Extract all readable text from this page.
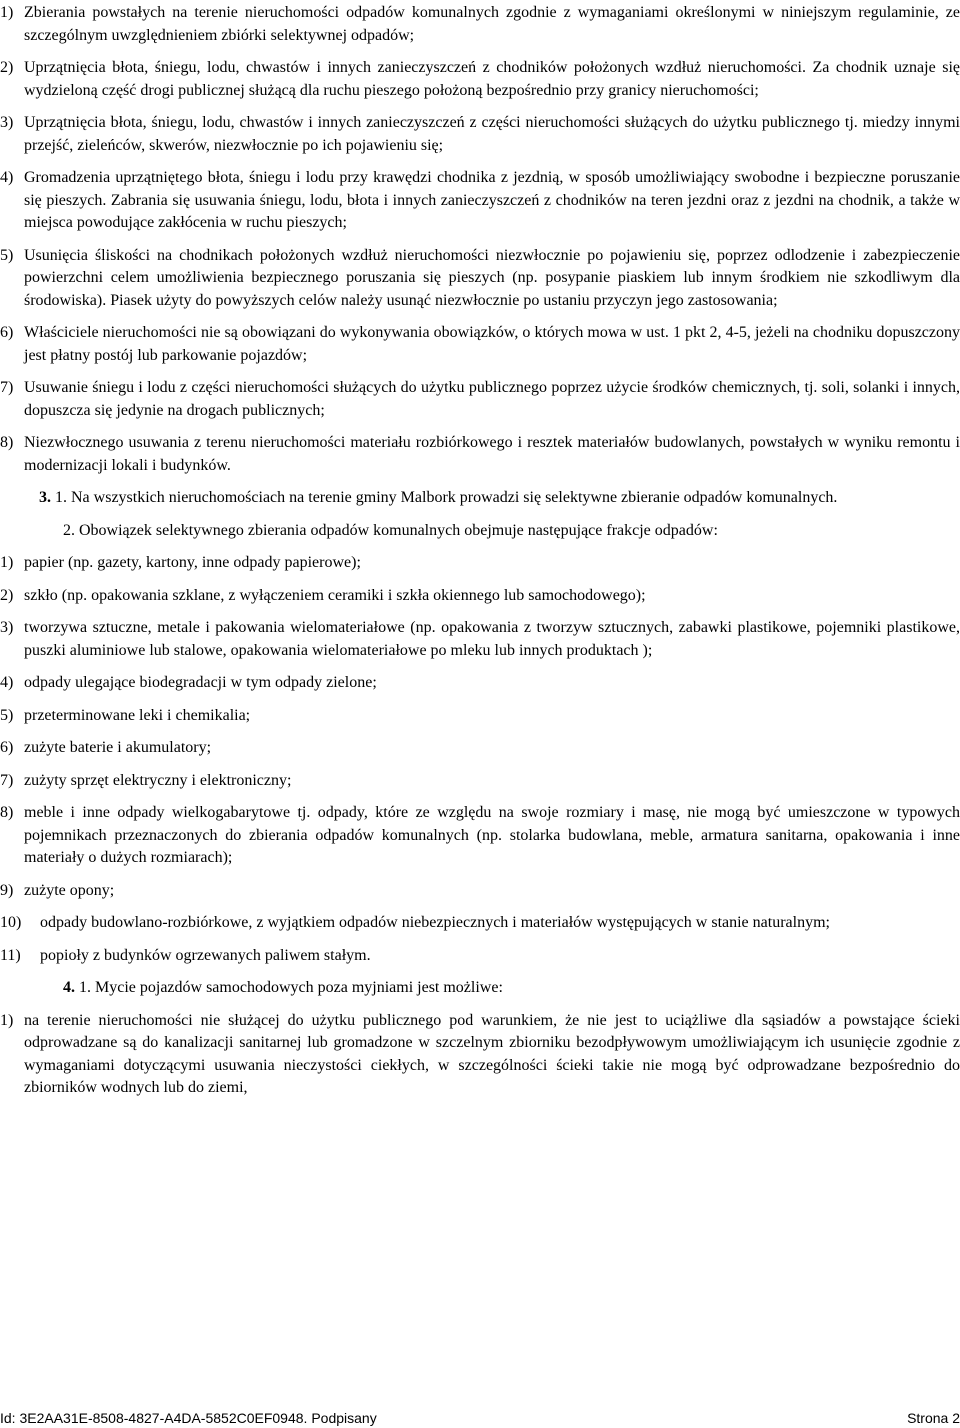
1) Zbierania powstałych na terenie nieruchomości odpadów komunalnych zgodnie z wymaganiami określonymi w niniejszym regulaminie, ze szczególnym uwzględnieniem zbiórki selektywnej odpadów;
2) Uprzątnięcia błota, śniegu, lodu, chwastów i innych zanieczyszczeń z chodników położonych wzdłuż nieruchomości. Za chodnik uznaje się wydzieloną część drogi publicznej służącą dla ruchu pieszego położoną bezpośrednio przy granicy nieruchomości;
3) Uprzątnięcia błota, śniegu, lodu, chwastów i innych zanieczyszczeń z części nieruchomości służących do użytku publicznego tj. miedzy innymi przejść, zieleńców, skwerów, niezwłocznie po ich pojawieniu się;
4) Gromadzenia uprzątniętego błota, śniegu i lodu przy krawędzi chodnika z jezdnią, w sposób umożliwiający swobodne i bezpieczne poruszanie się pieszych. Zabrania się usuwania śniegu, lodu, błota i innych zanieczyszczeń z chodników na teren jezdni oraz z jezdni na chodnik, a także w miejsca powodujące zakłócenia w ruchu pieszych;
5) Usunięcia śliskości na chodnikach położonych wzdłuż nieruchomości niezwłocznie po pojawieniu się, poprzez odlodzenie i zabezpieczenie powierzchni celem umożliwienia bezpiecznego poruszania się pieszych (np. posypanie piaskiem lub innym środkiem nie szkodliwym dla środowiska). Piasek użyty do powyższych celów należy usunąć niezwłocznie po ustaniu przyczyn jego zastosowania;
6) Właściciele nieruchomości nie są obowiązani do wykonywania obowiązków, o których mowa w ust. 1 pkt 2, 4-5, jeżeli na chodniku dopuszczony jest płatny postój lub parkowanie pojazdów;
7) Usuwanie śniegu i lodu z części nieruchomości służących do użytku publicznego poprzez użycie środków chemicznych, tj. soli, solanki i innych, dopuszcza się jedynie na drogach publicznych;
8) Niezwłocznego usuwania z terenu nieruchomości materiału rozbiórkowego i resztek materiałów budowlanych, powstałych w wyniku remontu i modernizacji lokali i budynków.
3. 1. Na wszystkich nieruchomościach na terenie gminy Malbork prowadzi się selektywne zbieranie odpadów komunalnych.
2. Obowiązek selektywnego zbierania odpadów komunalnych obejmuje następujące frakcje odpadów:
1) papier (np. gazety, kartony, inne odpady papierowe);
2) szkło (np. opakowania szklane, z wyłączeniem ceramiki i szkła okiennego lub samochodowego);
3) tworzywa sztuczne, metale i pakowania wielomateriałowe (np. opakowania z tworzyw sztucznych, zabawki plastikowe, pojemniki plastikowe, puszki aluminiowe lub stalowe, opakowania wielomateriałowe po mleku lub innych produktach );
4) odpady ulegające biodegradacji w tym odpady zielone;
5) przeterminowane leki i chemikalia;
6) zużyte baterie i akumulatory;
7) zużyty sprzęt elektryczny i elektroniczny;
8) meble i inne odpady wielkogabarytowe tj. odpady, które ze względu na swoje rozmiary i masę, nie mogą być umieszczone w typowych pojemnikach przeznaczonych do zbierania odpadów komunalnych (np. stolarka budowlana, meble, armatura sanitarna, opakowania i inne materiały o dużych rozmiarach);
9) zużyte opony;
10)	odpady budowlano-rozbiórkowe, z wyjątkiem odpadów niebezpiecznych i materiałów występujących w stanie naturalnym;
11)	popioły z budynków ogrzewanych paliwem stałym.
4. 1. Mycie pojazdów samochodowych poza myjniami jest możliwe:
1) na terenie nieruchomości nie służącej do użytku publicznego pod warunkiem, że nie jest to uciążliwe dla sąsiadów a powstające ścieki odprowadzane są do kanalizacji sanitarnej lub gromadzone w szczelnym zbiorniku bezodpływowym umożliwiającym ich usunięcie zgodnie z wymaganiami dotyczącymi usuwania nieczystości ciekłych, w szczególności ścieki takie nie mogą być odprowadzane bezpośrednio do zbiorników wodnych lub do ziemi,
Id: 3E2AA31E-8508-4827-A4DA-5852C0EF0948. Podpisany	Strona 2
